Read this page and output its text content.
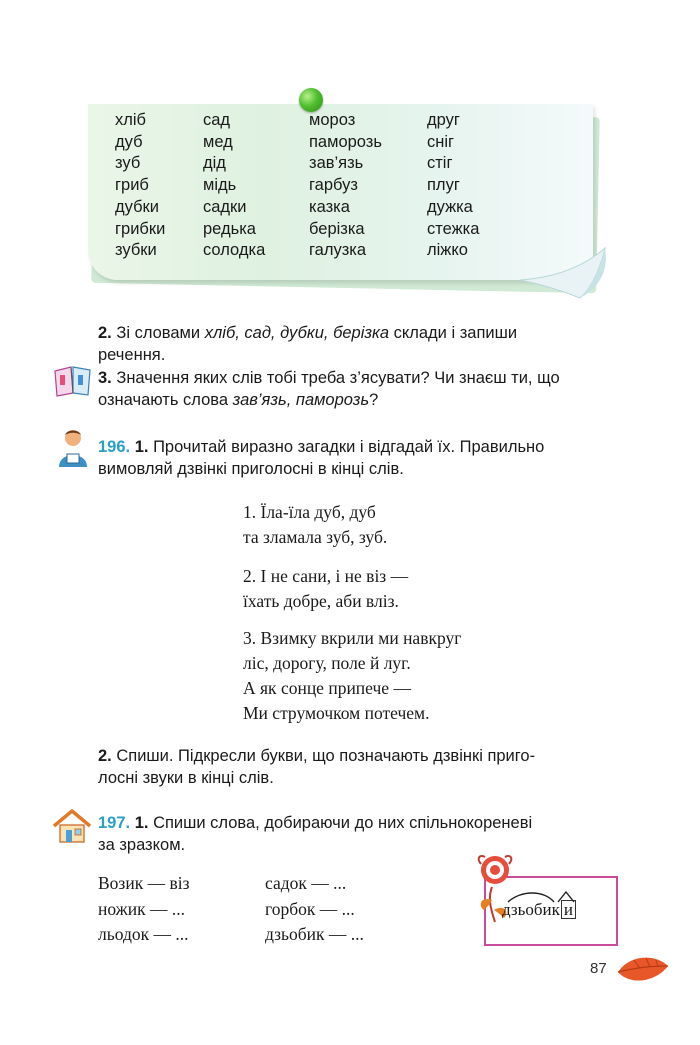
хліб
дуб
зуб
гриб
дубки
грибки
зубки
сад
мед
дід
мідь
садки
редька
солодка
мороз
паморозь
зав’язь
гарбуз
казка
берізка
галузка
друг
сніг
стіг
плуг
дужка
стежка
ліжко
2. Зі словами хліб, сад, дубки, берізка склади і запиши
речення.
3. Значення яких слів тобі треба з’ясувати? Чи знаєш ти, що
означають слова зав’язь, паморозь?
196. 1. Прочитай виразно загадки і відгадай їх. Правильно
вимовляй дзвінкі приголосні в кінці слів.
1. Їла-їла дуб, дуб
та зламала зуб, зуб.
2. І не сани, і не віз —
їхать добре, аби вліз.
3. Взимку вкрили ми навкруг
ліс, дорогу, поле й луг.
А як сонце припече —
Ми струмочком потечем.
2. Спиши. Підкресли букви, що позначають дзвінкі приго-
лосні звуки в кінці слів.
197. 1. Спиши слова, добираючи до них спільнокореневі
за зразком.
Возик — віз
ножик — ...
льодок — ...
садок — ...
горбок — ...
дзьобик — ...
дзьобик и
87
